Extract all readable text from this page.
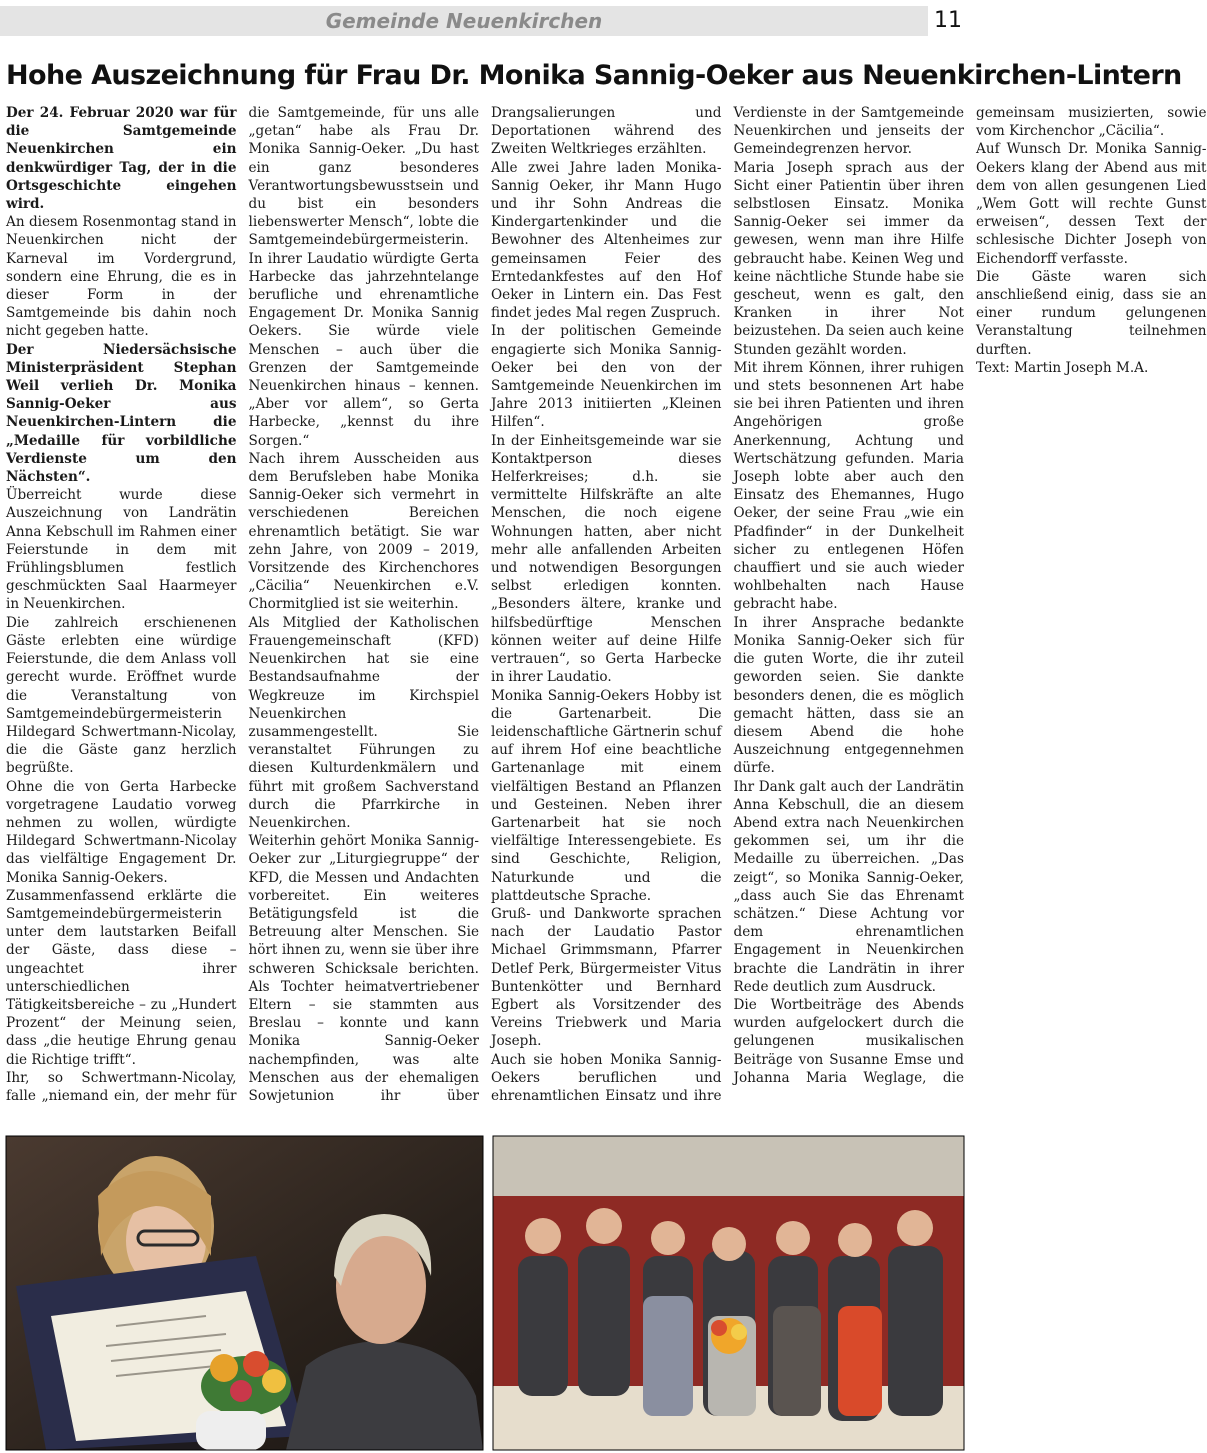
Gemeinde Neuenkirchen	11
Hohe Auszeichnung für Frau Dr. Monika Sannig-Oeker aus Neuenkirchen-Lintern

Der 24. Februar 2020 war für die Samtgemeinde Neuenkirchen ein denkwürdiger Tag, der in die Ortsgeschichte eingehen wird.

An diesem Rosenmontag stand in Neuenkirchen nicht der Karneval im Vordergrund, sondern eine Ehrung, die es in dieser Form in der Samtgemeinde bis dahin noch nicht gegeben hatte.

Der Niedersächsische Ministerpräsident Stephan Weil verlieh Dr. Monika Sannig-Oeker aus Neuenkirchen-Lintern die „Medaille für vorbildliche Verdienste um den Nächsten“.

Überreicht wurde diese Auszeichnung von Landrätin Anna Kebschull im Rahmen einer Feierstunde in dem mit Frühlingsblumen festlich geschmückten Saal Haarmeyer in Neuenkirchen.

Die zahlreich erschienenen Gäste erlebten eine würdige Feierstunde, die dem Anlass voll gerecht wurde. Eröffnet wurde die Veranstaltung von Samtgemeindebürgermeisterin Hildegard Schwertmann-Nicolay, die die Gäste ganz herzlich begrüßte.

Ohne die von Gerta Harbecke vorgetragene Laudatio vorweg nehmen zu wollen, würdigte Hildegard Schwertmann-Nicolay das vielfältige Engagement Dr. Monika Sannig-Oekers.

Zusammenfassend erklärte die Samtgemeindebürgermeisterin unter dem lautstarken Beifall der Gäste, dass diese – ungeachtet ihrer unterschiedlichen Tätigkeitsbereiche – zu „Hundert Prozent“ der Meinung seien, dass „die heutige Ehrung genau die Richtige trifft“.

Ihr, so Schwertmann-Nicolay, falle „niemand ein, der mehr für die Samtgemeinde, für uns alle „getan“ habe als Frau Dr. Monika Sannig-Oeker. „Du hast ein ganz besonderes Verantwortungsbewusstsein und du bist ein besonders liebenswerter Mensch“, lobte die Samtgemeindebürgermeisterin.

In ihrer Laudatio würdigte Gerta Harbecke das jahrzehntelange berufliche und ehrenamtliche Engagement Dr. Monika Sannig Oekers. Sie würde viele Menschen – auch über die Grenzen der Samtgemeinde Neuenkirchen hinaus – kennen. „Aber vor allem“, so Gerta Harbecke, „kennst du ihre Sorgen.“

Nach ihrem Ausscheiden aus dem Berufsleben habe Monika Sannig-Oeker sich vermehrt in verschiedenen Bereichen ehrenamtlich betätigt. Sie war zehn Jahre, von 2009 – 2019, Vorsitzende des Kirchenchores „Cäcilia“ Neuenkirchen e.V. Chormitglied ist sie weiterhin.

Als Mitglied der Katholischen Frauengemeinschaft (KFD) Neuenkirchen hat sie eine Bestandsaufnahme der Wegkreuze im Kirchspiel Neuenkirchen zusammengestellt. Sie veranstaltet Führungen zu diesen Kulturdenkmälern und führt mit großem Sachverstand durch die Pfarrkirche in Neuenkirchen.

Weiterhin gehört Monika Sannig-Oeker zur „Liturgiegruppe“ der KFD, die Messen und Andachten vorbereitet. Ein weiteres Betätigungsfeld ist die Betreuung alter Menschen. Sie hört ihnen zu, wenn sie über ihre schweren Schicksale berichten. Als Tochter heimatvertriebener Eltern – sie stammten aus Breslau – konnte und kann Monika Sannig-Oeker nachempfinden, was alte Menschen aus der ehemaligen Sowjetunion ihr über Drangsalierungen und Deportationen während des Zweiten Weltkrieges erzählten.

Alle zwei Jahre laden Monika-Sannig Oeker, ihr Mann Hugo und ihr Sohn Andreas die Kindergartenkinder und die Bewohner des Altenheimes zur gemeinsamen Feier des Erntedankfestes auf den Hof Oeker in Lintern ein. Das Fest findet jedes Mal regen Zuspruch.

In der politischen Gemeinde engagierte sich Monika Sannig-Oeker bei den von der Samtgemeinde Neuenkirchen im Jahre 2013 initiierten „Kleinen Hilfen“.

In der Einheitsgemeinde war sie Kontaktperson dieses Helferkreises; d.h. sie vermittelte Hilfskräfte an alte Menschen, die noch eigene Wohnungen hatten, aber nicht mehr alle anfallenden Arbeiten und notwendigen Besorgungen selbst erledigen konnten. „Besonders ältere, kranke und hilfsbedürftige Menschen können weiter auf deine Hilfe vertrauen“, so Gerta Harbecke in ihrer Laudatio.

Monika Sannig-Oekers Hobby ist die Gartenarbeit. Die leidenschaftliche Gärtnerin schuf auf ihrem Hof eine beachtliche Gartenanlage mit einem vielfältigen Bestand an Pflanzen und Gesteinen. Neben ihrer Gartenarbeit hat sie noch vielfältige Interessengebiete. Es sind Geschichte, Religion, Naturkunde und die plattdeutsche Sprache.

Gruß- und Dankworte sprachen nach der Laudatio Pastor Michael Grimmsmann, Pfarrer Detlef Perk, Bürgermeister Vitus Buntenkötter und Bernhard Egbert als Vorsitzender des Vereins Triebwerk und Maria Joseph.

Auch sie hoben Monika Sannig-Oekers beruflichen und ehrenamtlichen Einsatz und ihre Verdienste in der Samtgemeinde Neuenkirchen und jenseits der Gemeindegrenzen hervor.

Maria Joseph sprach aus der Sicht einer Patientin über ihren selbstlosen Einsatz. Monika Sannig-Oeker sei immer da gewesen, wenn man ihre Hilfe gebraucht habe. Keinen Weg und keine nächtliche Stunde habe sie gescheut, wenn es galt, den Kranken in ihrer Not beizustehen. Da seien auch keine Stunden gezählt worden.

Mit ihrem Können, ihrer ruhigen und stets besonnenen Art habe sie bei ihren Patienten und ihren Angehörigen große Anerkennung, Achtung und Wertschätzung gefunden. Maria Joseph lobte aber auch den Einsatz des Ehemannes, Hugo Oeker, der seine Frau „wie ein Pfadfinder“ in der Dunkelheit sicher zu entlegenen Höfen chauffiert und sie auch wieder wohlbehalten nach Hause gebracht habe.

In ihrer Ansprache bedankte Monika Sannig-Oeker sich für die guten Worte, die ihr zuteil geworden seien. Sie dankte besonders denen, die es möglich gemacht hätten, dass sie an diesem Abend die hohe Auszeichnung entgegennehmen dürfe.

Ihr Dank galt auch der Landrätin Anna Kebschull, die an diesem Abend extra nach Neuenkirchen gekommen sei, um ihr die Medaille zu überreichen. „Das zeigt“, so Monika Sannig-Oeker, „dass auch Sie das Ehrenamt schätzen.“ Diese Achtung vor dem ehrenamtlichen Engagement in Neuenkirchen brachte die Landrätin in ihrer Rede deutlich zum Ausdruck.

Die Wortbeiträge des Abends wurden aufgelockert durch die gelungenen musikalischen Beiträge von Susanne Emse und Johanna Maria Weglage, die gemeinsam musizierten, sowie vom Kirchenchor „Cäcilia“.

Auf Wunsch Dr. Monika Sannig-Oekers klang der Abend aus mit dem von allen gesungenen Lied „Wem Gott will rechte Gunst erweisen“, dessen Text der schlesische Dichter Joseph von Eichendorff verfasste.

Die Gäste waren sich anschließend einig, dass sie an einer rundum gelungenen Veranstaltung teilnehmen durften.

Text: Martin Joseph M.A.
